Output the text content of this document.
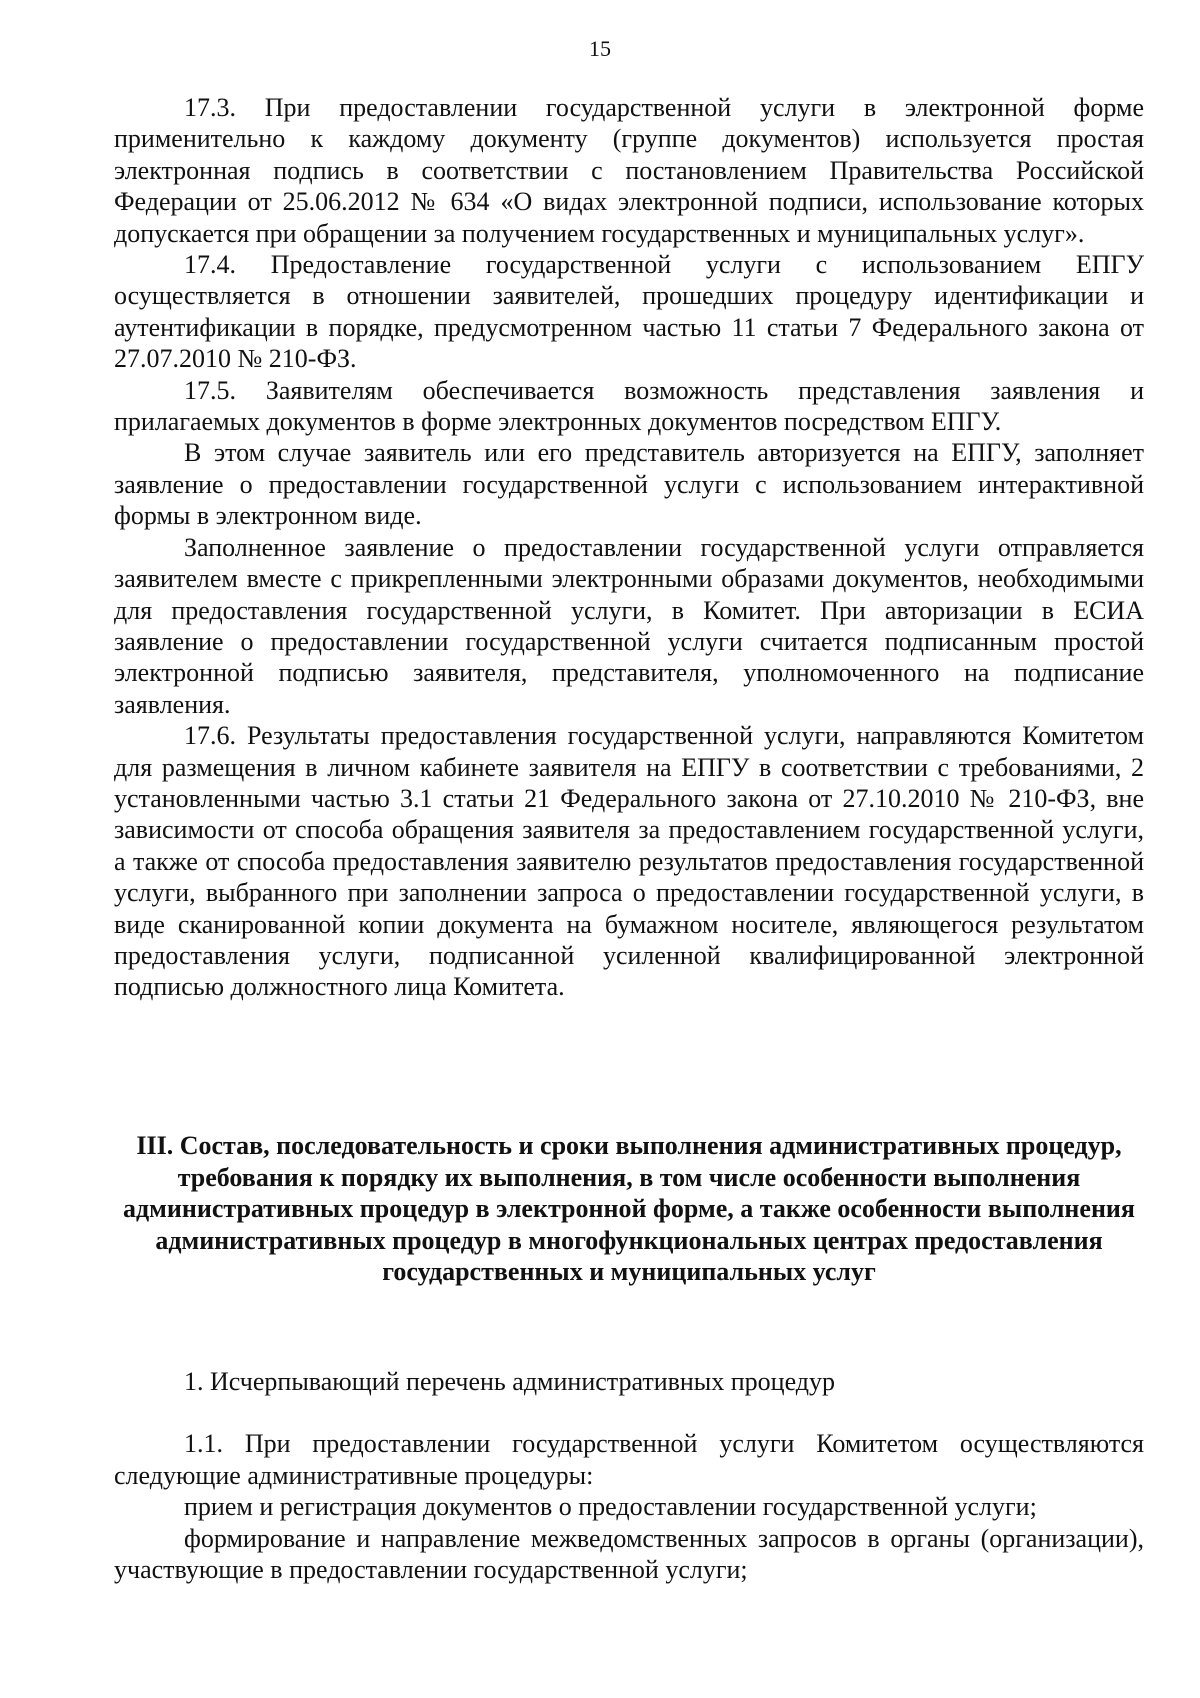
15

17.3. При предоставлении государственной услуги в электронной форме применительно к каждому документу (группе документов) используется простая электронная подпись в соответствии с постановлением Правительства Российской Федерации от 25.06.2012 № 634 «О видах электронной подписи, использование которых допускается при обращении за получением государственных и муниципальных услуг».

17.4. Предоставление государственной услуги с использованием ЕПГУ осуществляется в отношении заявителей, прошедших процедуру идентификации и аутентификации в порядке, предусмотренном частью 11 статьи 7 Федерального закона от 27.07.2010 № 210-ФЗ.

17.5. Заявителям обеспечивается возможность представления заявления и прилагаемых документов в форме электронных документов посредством ЕПГУ.

В этом случае заявитель или его представитель авторизуется на ЕПГУ, заполняет заявление о предоставлении государственной услуги с использованием интерактивной формы в электронном виде.

Заполненное заявление о предоставлении государственной услуги отправляется заявителем вместе с прикрепленными электронными образами документов, необходимыми для предоставления государственной услуги, в Комитет. При авторизации в ЕСИА заявление о предоставлении государственной услуги считается подписанным простой электронной подписью заявителя, представителя, уполномоченного на подписание заявления.

17.6. Результаты предоставления государственной услуги, направляются Комитетом для размещения в личном кабинете заявителя на ЕПГУ в соответствии с требованиями, 2 установленными частью 3.1 статьи 21 Федерального закона от 27.10.2010 № 210-ФЗ, вне зависимости от способа обращения заявителя за предоставлением государственной услуги, а также от способа предоставления заявителю результатов предоставления государственной услуги, выбранного при заполнении запроса о предоставлении государственной услуги, в виде сканированной копии документа на бумажном носителе, являющегося результатом предоставления услуги, подписанной усиленной квалифицированной электронной подписью должностного лица Комитета.

III. Состав, последовательность и сроки выполнения административных процедур, требования к порядку их выполнения, в том числе особенности выполнения административных процедур в электронной форме, а также особенности выполнения административных процедур в многофункциональных центрах предоставления государственных и муниципальных услуг

1. Исчерпывающий перечень административных процедур

1.1. При предоставлении государственной услуги Комитетом осуществляются следующие административные процедуры:

прием и регистрация документов о предоставлении государственной услуги;

формирование и направление межведомственных запросов в органы (организации), участвующие в предоставлении государственной услуги;
